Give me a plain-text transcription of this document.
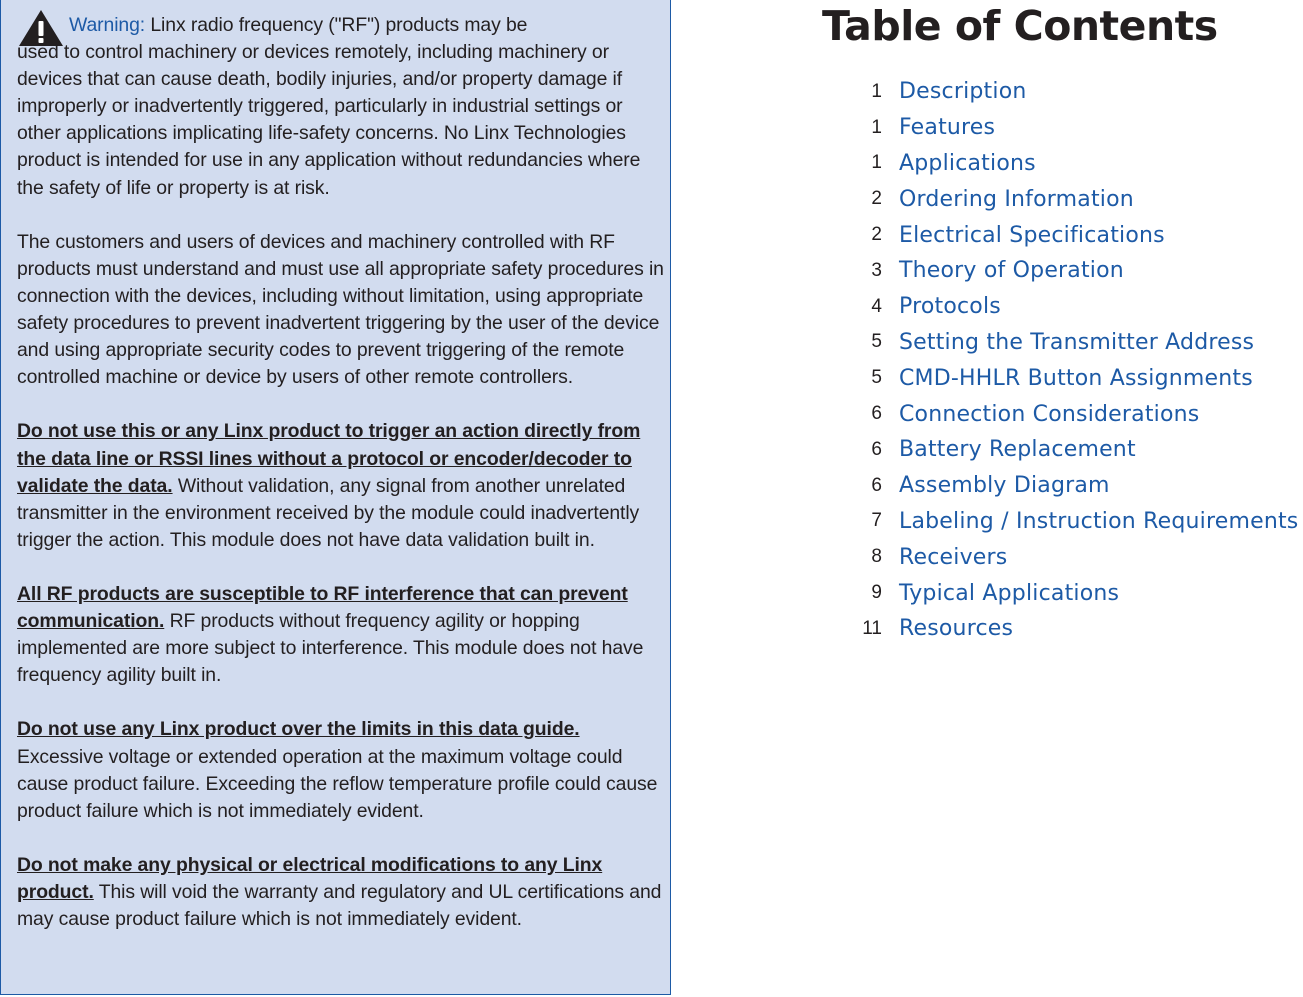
Warning: Linx radio frequency ("RF") products may be
used to control machinery or devices remotely, including machinery or devices that can cause death, bodily injuries, and/or property damage if improperly or inadvertently triggered, particularly in industrial settings or other applications implicating life-safety concerns. No Linx Technologies product is intended for use in any application without redundancies where the safety of life or property is at risk.

The customers and users of devices and machinery controlled with RF products must understand and must use all appropriate safety procedures in connection with the devices, including without limitation, using appropriate safety procedures to prevent inadvertent triggering by the user of the device and using appropriate security codes to prevent triggering of the remote controlled machine or device by users of other remote controllers.

Do not use this or any Linx product to trigger an action directly from the data line or RSSI lines without a protocol or encoder/decoder to validate the data. Without validation, any signal from another unrelated transmitter in the environment received by the module could inadvertently trigger the action. This module does not have data validation built in.

All RF products are susceptible to RF interference that can prevent communication. RF products without frequency agility or hopping implemented are more subject to interference. This module does not have frequency agility built in.

Do not use any Linx product over the limits in this data guide. Excessive voltage or extended operation at the maximum voltage could cause product failure. Exceeding the reflow temperature profile could cause product failure which is not immediately evident.

Do not make any physical or electrical modifications to any Linx product. This will void the warranty and regulatory and UL certifications and may cause product failure which is not immediately evident.

Table of Contents
1 Description
1 Features
1 Applications
2 Ordering Information
2 Electrical Specifications
3 Theory of Operation
4 Protocols
5 Setting the Transmitter Address
5 CMD-HHLR Button Assignments
6 Connection Considerations
6 Battery Replacement
6 Assembly Diagram
7 Labeling / Instruction Requirements
8 Receivers
9 Typical Applications
11 Resources
